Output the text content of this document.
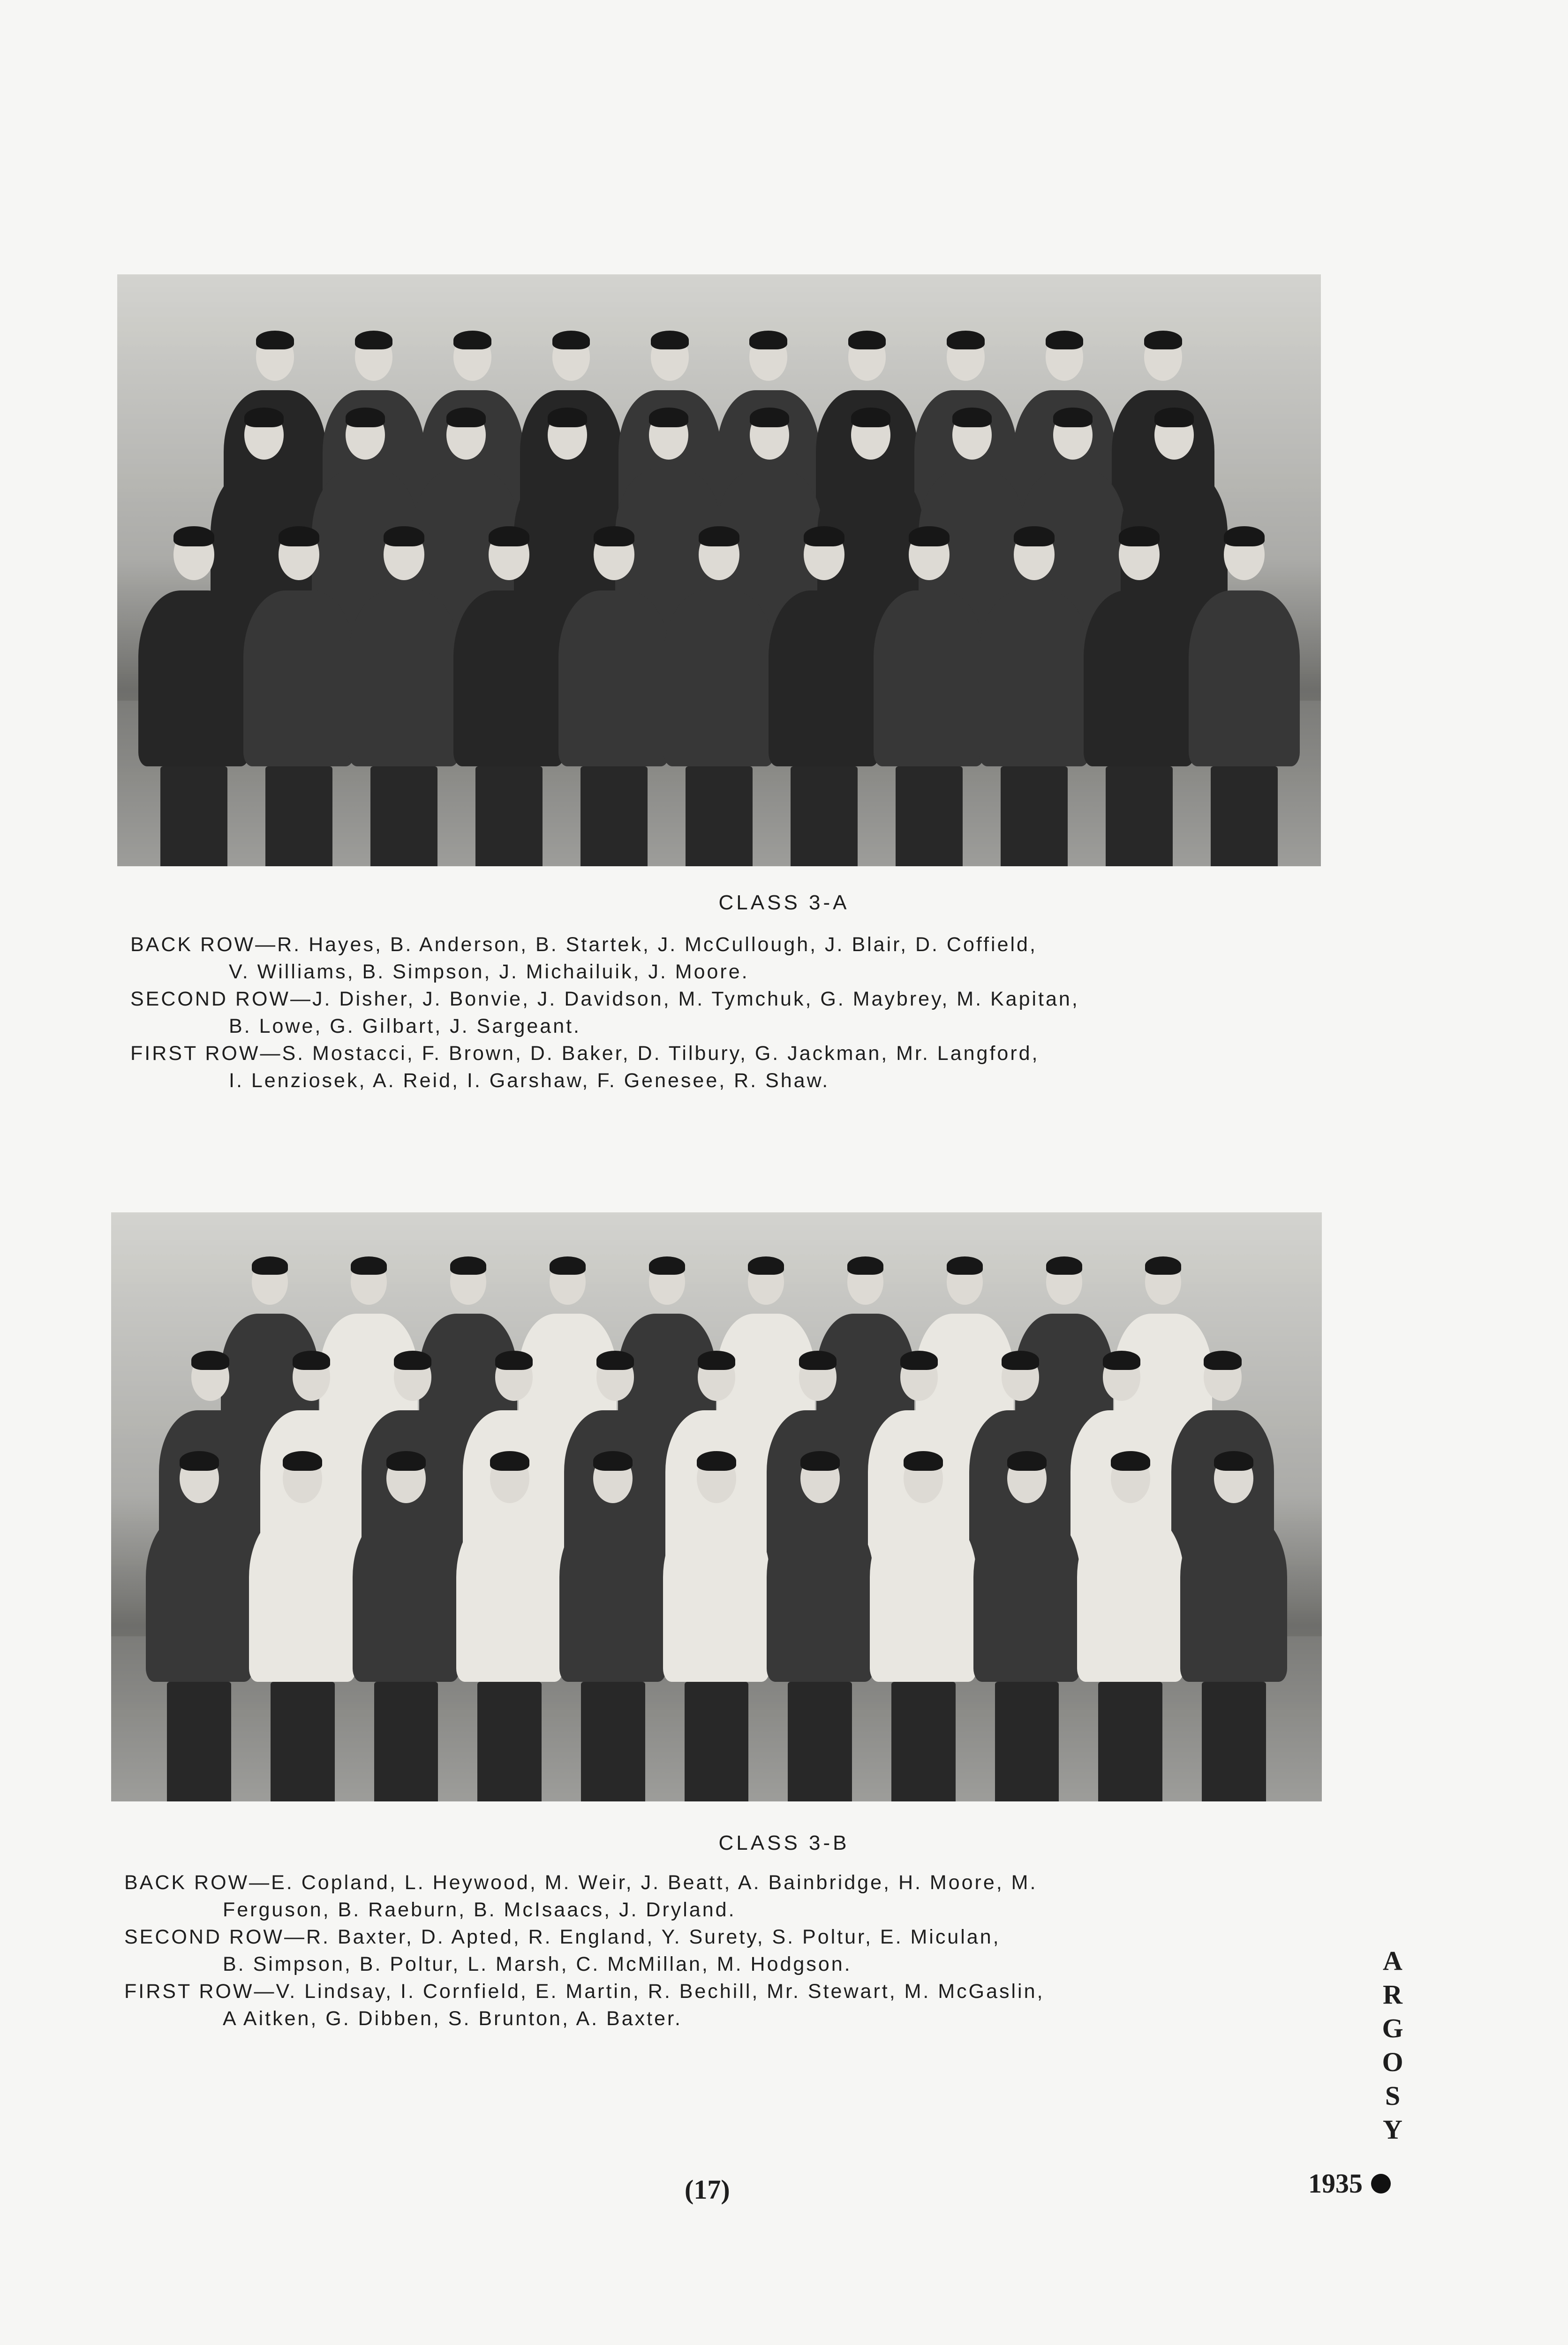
CLASS 3-A
BACK ROW—R. Hayes, B. Anderson, B. Startek, J. McCullough, J. Blair, D. Coffield,
V. Williams, B. Simpson, J. Michailuik, J. Moore.
SECOND ROW—J. Disher, J. Bonvie, J. Davidson, M. Tymchuk, G. Maybrey, M. Kapitan,
B. Lowe, G. Gilbart, J. Sargeant.
FIRST ROW—S. Mostacci, F. Brown, D. Baker, D. Tilbury, G. Jackman, Mr. Langford,
I. Lenziosek, A. Reid, I. Garshaw, F. Genesee, R. Shaw.
CLASS 3-B
BACK ROW—E. Copland, L. Heywood, M. Weir, J. Beatt, A. Bainbridge, H. Moore, M.
Ferguson, B. Raeburn, B. McIsaacs, J. Dryland.
SECOND ROW—R. Baxter, D. Apted, R. England, Y. Surety, S. Poltur, E. Miculan,
B. Simpson, B. Poltur, L. Marsh, C. McMillan, M. Hodgson.
FIRST ROW—V. Lindsay, I. Cornfield, E. Martin, R. Bechill, Mr. Stewart, M. McGaslin,
A Aitken, G. Dibben, S. Brunton, A. Baxter.
A
R
G
O
S
Y
(17)	1935
